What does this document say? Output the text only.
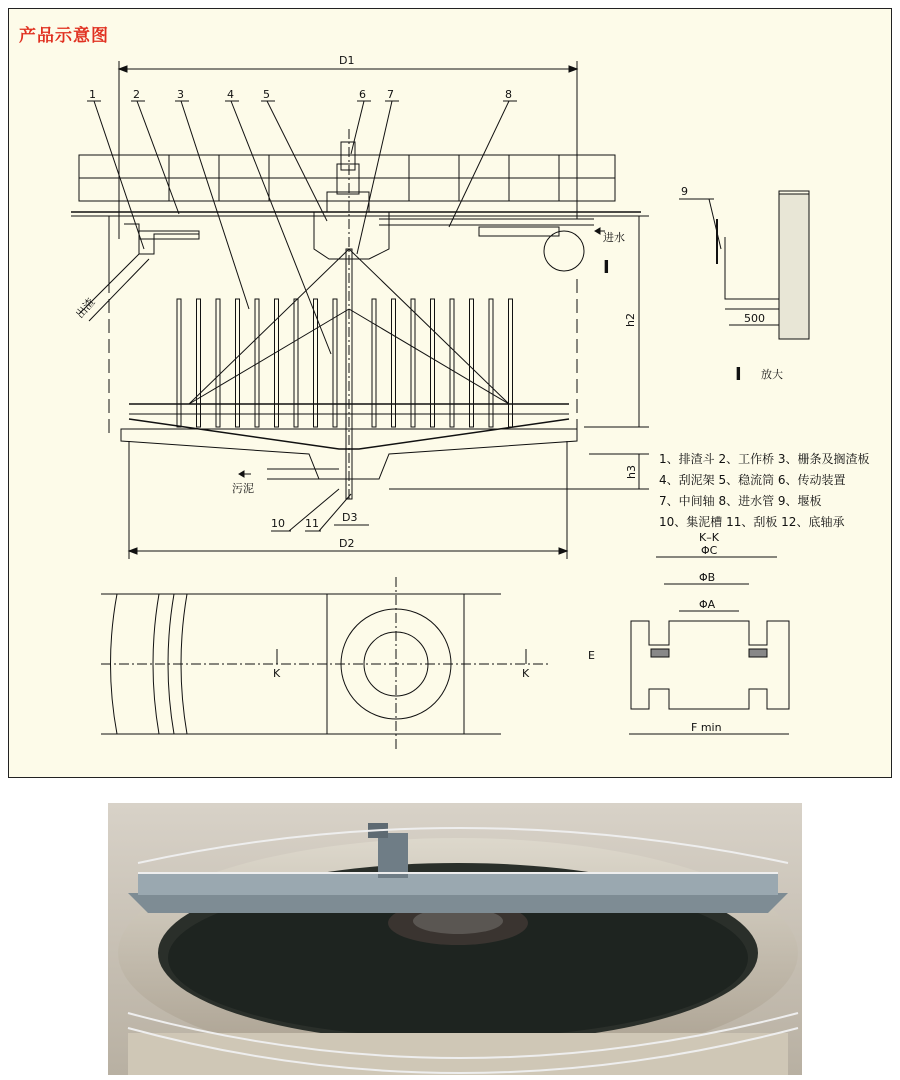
产品示意图
D1
1	2	3	4	5	6 7	8
进水
出渣	h2
h3
污泥
10 11 D3
D2
9
500
I 放大
I
K	K
K–K
ΦC
ΦB
ΦA
E
F min
1、排渣斗 2、工作桥 3、栅条及搁渣板
4、刮泥架 5、稳流筒 6、传动装置
7、中间轴 8、进水管 9、堰板
10、集泥槽 11、刮板 12、底轴承
